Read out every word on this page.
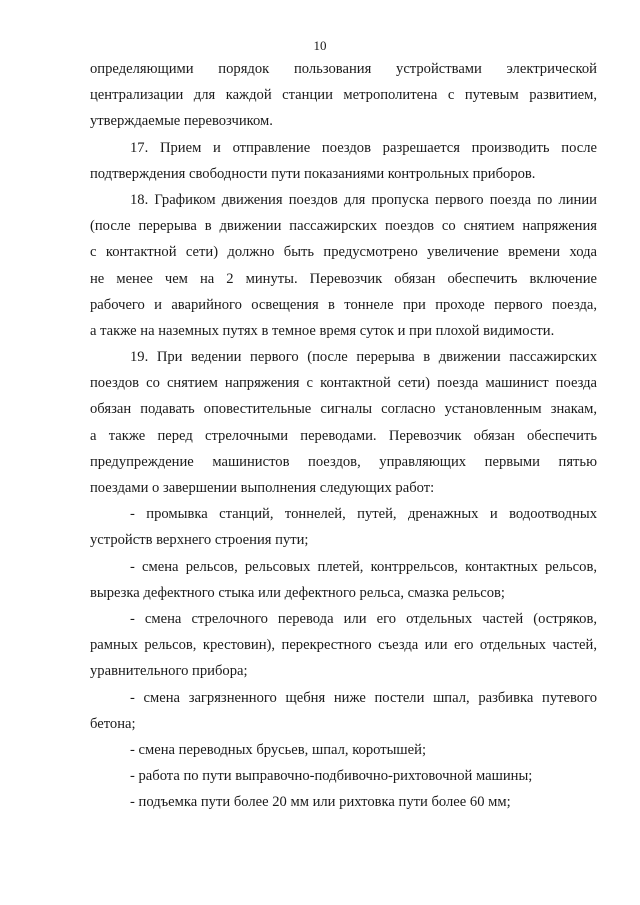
10
определяющими порядок пользования устройствами электрической
централизации для каждой станции метрополитена с путевым развитием,
утверждаемые перевозчиком.
17. Прием и отправление поездов разрешается производить после
подтверждения свободности пути показаниями контрольных приборов.
18. Графиком движения поездов для пропуска первого поезда по линии
(после перерыва в движении пассажирских поездов со снятием напряжения
с контактной сети) должно быть предусмотрено увеличение времени хода
не менее чем на 2 минуты. Перевозчик обязан обеспечить включение
рабочего и аварийного освещения в тоннеле при проходе первого поезда,
а также на наземных путях в темное время суток и при плохой видимости.
19. При ведении первого (после перерыва в движении пассажирских
поездов со снятием напряжения с контактной сети) поезда машинист поезда
обязан подавать оповестительные сигналы согласно установленным знакам,
а также перед стрелочными переводами. Перевозчик обязан обеспечить
предупреждение машинистов поездов, управляющих первыми пятью
поездами о завершении выполнения следующих работ:
- промывка станций, тоннелей, путей, дренажных и водоотводных
устройств верхнего строения пути;
- смена рельсов, рельсовых плетей, контррельсов, контактных рельсов,
вырезка дефектного стыка или дефектного рельса, смазка рельсов;
- смена стрелочного перевода или его отдельных частей (остряков,
рамных рельсов, крестовин), перекрестного съезда или его отдельных частей,
уравнительного прибора;
- смена загрязненного щебня ниже постели шпал, разбивка путевого
бетона;
- смена переводных брусьев, шпал, коротышей;
- работа по пути выправочно-подбивочно-рихтовочной машины;
- подъемка пути более 20 мм или рихтовка пути более 60 мм;
